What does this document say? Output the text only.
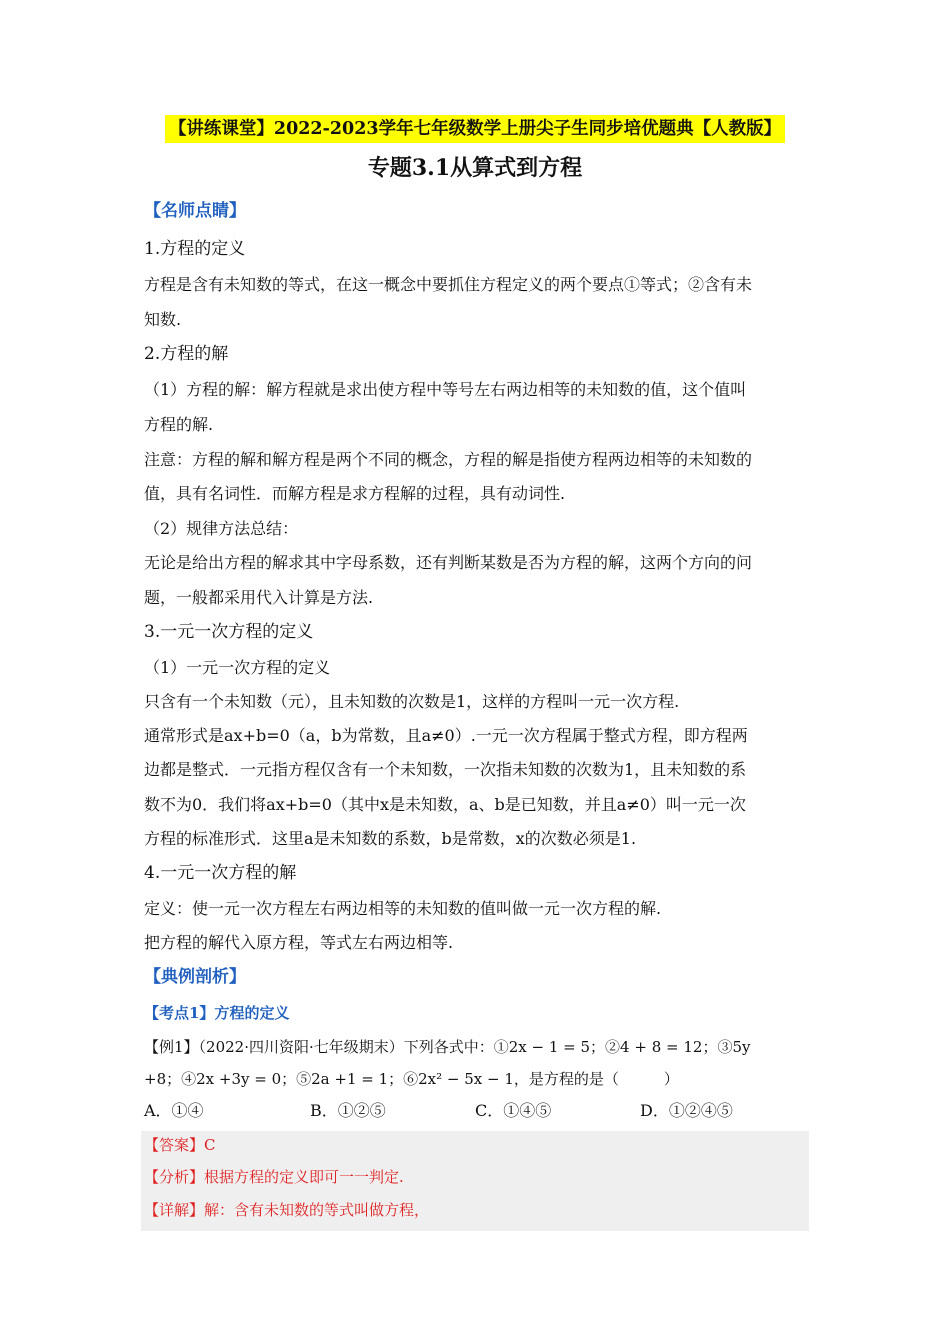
【讲练课堂】2022-2023学年七年级数学上册尖子生同步培优题典【人教版】
专题3.1从算式到方程
【名师点睛】
1.方程的定义
方程是含有未知数的等式，在这一概念中要抓住方程定义的两个要点①等式；②含有未
知数.
2.方程的解
（1）方程的解：解方程就是求出使方程中等号左右两边相等的未知数的值，这个值叫
方程的解.
注意：方程的解和解方程是两个不同的概念，方程的解是指使方程两边相等的未知数的
值，具有名词性．而解方程是求方程解的过程，具有动词性.
（2）规律方法总结：
无论是给出方程的解求其中字母系数，还有判断某数是否为方程的解，这两个方向的问
题，一般都采用代入计算是方法.
3.一元一次方程的定义
（1）一元一次方程的定义
只含有一个未知数（元），且未知数的次数是1，这样的方程叫一元一次方程.
通常形式是ax+b=0（a，b为常数，且a≠0）.一元一次方程属于整式方程，即方程两
边都是整式．一元指方程仅含有一个未知数，一次指未知数的次数为1，且未知数的系
数不为0．我们将ax+b=0（其中x是未知数，a、b是已知数，并且a≠0）叫一元一次
方程的标准形式．这里a是未知数的系数，b是常数，x的次数必须是1.
4.一元一次方程的解
定义：使一元一次方程左右两边相等的未知数的值叫做一元一次方程的解.
把方程的解代入原方程，等式左右两边相等.
【典例剖析】
【考点1】方程的定义
【例1】（2022·四川资阳·七年级期末）下列各式中：①2x − 1 = 5；②4 + 8 = 12；③5y
+8；④2x +3y = 0；⑤2a +1 = 1；⑥2x² − 5x − 1，是方程的是（　　　）
A．①④	B．①②⑤	C．①④⑤	D．①②④⑤
【答案】C
【分析】根据方程的定义即可一一判定.
【详解】解：含有未知数的等式叫做方程，
